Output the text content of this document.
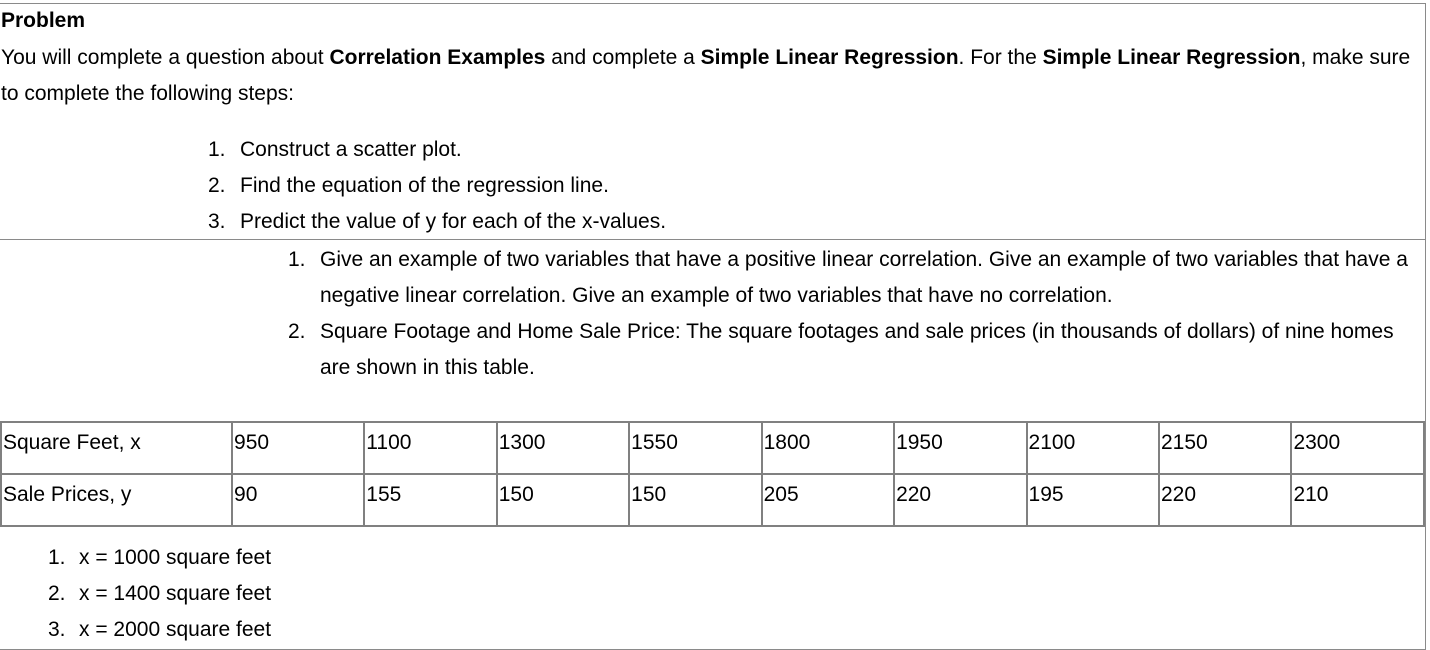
Problem
You will complete a question about Correlation Examples and complete a Simple Linear Regression. For the Simple Linear Regression, make sure to complete the following steps:
1. Construct a scatter plot.
2. Find the equation of the regression line.
3. Predict the value of y for each of the x-values.
1. Give an example of two variables that have a positive linear correlation. Give an example of two variables that have a negative linear correlation. Give an example of two variables that have no correlation.
2. Square Footage and Home Sale Price: The square footages and sale prices (in thousands of dollars) of nine homes are shown in this table.
Square Feet, x	950	1100	1300	1550	1800	1950	2100	2150	2300
Sale Prices, y	90	155	150	150	205	220	195	220	210
1. x = 1000 square feet
2. x = 1400 square feet
3. x = 2000 square feet
